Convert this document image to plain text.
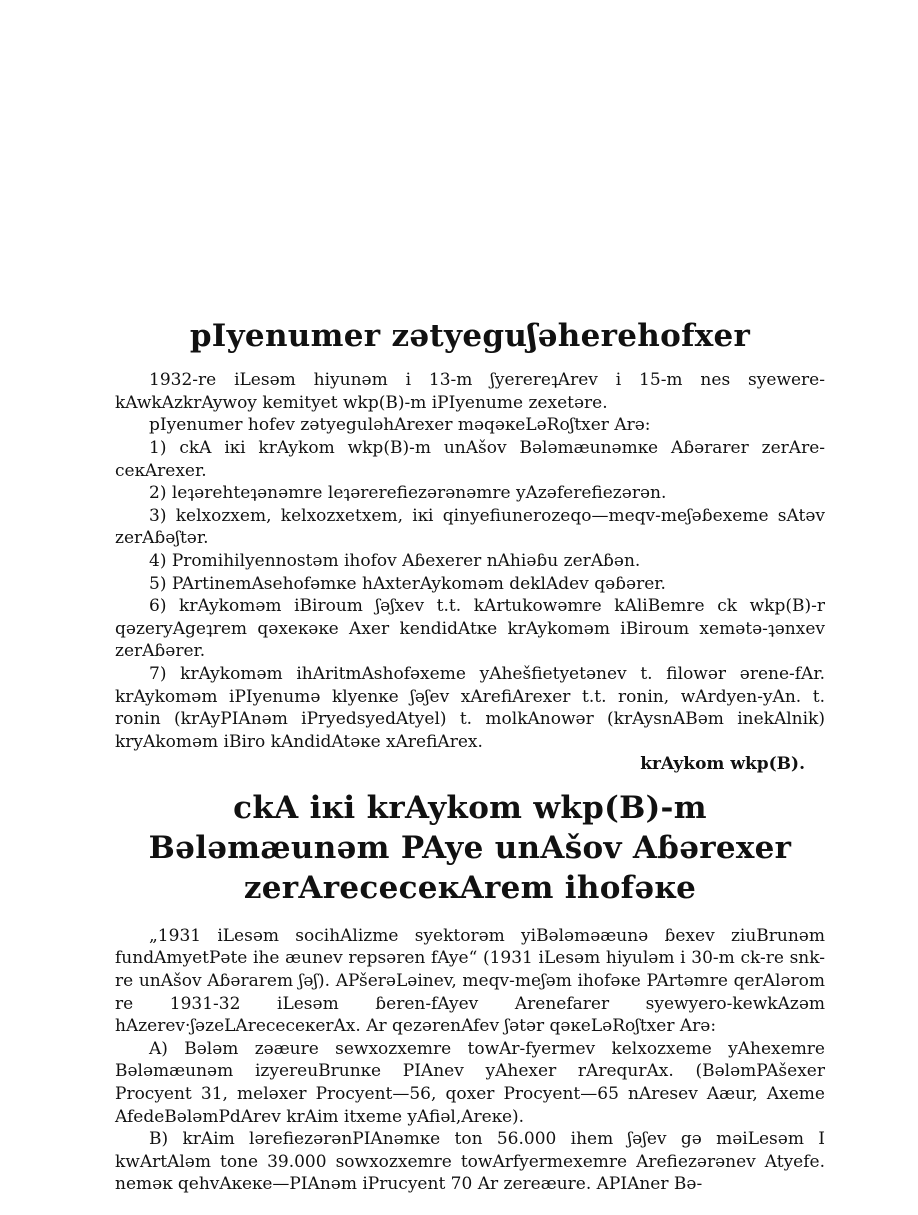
pIyenumer zətyeguʃəherehofxer

1932-re iLesəm hiyunəm i 13-m ʃyerereʇArev i 15-m nes syewere-kAwkAzkrAywoy kemityet wkp(B)-m iPIyenume zexetəre.

pIyenumer hofev zətyeguləhArexer məqəĸeLəRoʃtxer Arə:

1) ckA iĸi krAykom wkp(B)-m unAšov Bələmæunəmĸe Aɓərarer zerAre-ceĸArexer.

2) leʇərehteʇənəmre leʇərerefiezərənəmre yAzəferefiezərən.

3) kelxozxem, kelxozxetxem, iĸi qinyefiunerozeqo—meqv-meʃəɓexeme sAtəv zerAɓəʃtər.

4) Promihilyennostəm ihofov Aɓexerer nAhiəɓu zerAɓən.

5) PArtinemAsehofəmĸe hAxterAykoməm deklAdev qəɓərer.

6) krAykoməm iBiroum ʃəʃxev t.t. kArtukowəmre kAliBemre ck wkp(B)-r qəzeryAgeʇrem qəxeĸəĸe Axer kendidAtĸe krAykoməm iBiroum xemətə-ʇənxev zerAɓərer.

7) krAykoməm ihAritmAshofəxeme yAhešfietyetənev t. filowər ərene-fAr. krAykoməm iPIyenumə klyenĸe ʃəʃev xArefiArexer t.t. ronin, wArdyen-yAn. t. ronin (krAyPIAnəm iPryedsyedAtyel) t. molkAnowər (krAysnABəm inekAlnik) kryAkoməm iBiro kAndidAtəĸe xArefiArex.

krAykom wkp(B).
ckA iĸi krAykom wkp(B)-m Bələmæunəm PAye unAšov Aɓərexer zerArececeĸArem ihofəĸe

„1931 iLesəm socihAlizme syektorəm yiBələməæunə ɓexev ziuBrunəm fundAmyetPəte ihe æunev repsəren fAye“ (1931 iLesəm hiyuləm i 30-m ck-re snk-re unAšov Aɓərarem ʃəʃ). APšerəLəinev, meqv-meʃəm ihofəĸe PArtəmre qerAlərom re 1931-32 iLesəm ɓeren-fAyev Arenefarer syewyero-kewkAzəm hAzerev·ʃəzeLArececeĸerAx. Ar qezərenAfev ʃətər qəĸeLəRoʃtxer Arə:

A) Bələm zəæure sewxozxemre towAr-fyermev kelxozxeme yAhexemre Bələmæunəm izyereuBrunĸe PIAnev yAhexer rArequrAx. (BələmPAšexer Procyent 31, meləxer Procyent—56, qoxer Procyent—65 nAresev Aæur, Axeme AfedeBələmPdArev krAim itxeme yAfiəl,Areĸe).

B) krAim lərefiezərənPIAnəmĸe ton 56.000 ihem ʃəʃev gə məiLesəm I kwArtAləm tone 39.000 sowxozxemre towArfyermexemre Arefiezərənev Atyefe. neməĸ qehvAĸeĸe—PIAnəm iPrucyent 70 Ar zereæure. APIAner Bə-
